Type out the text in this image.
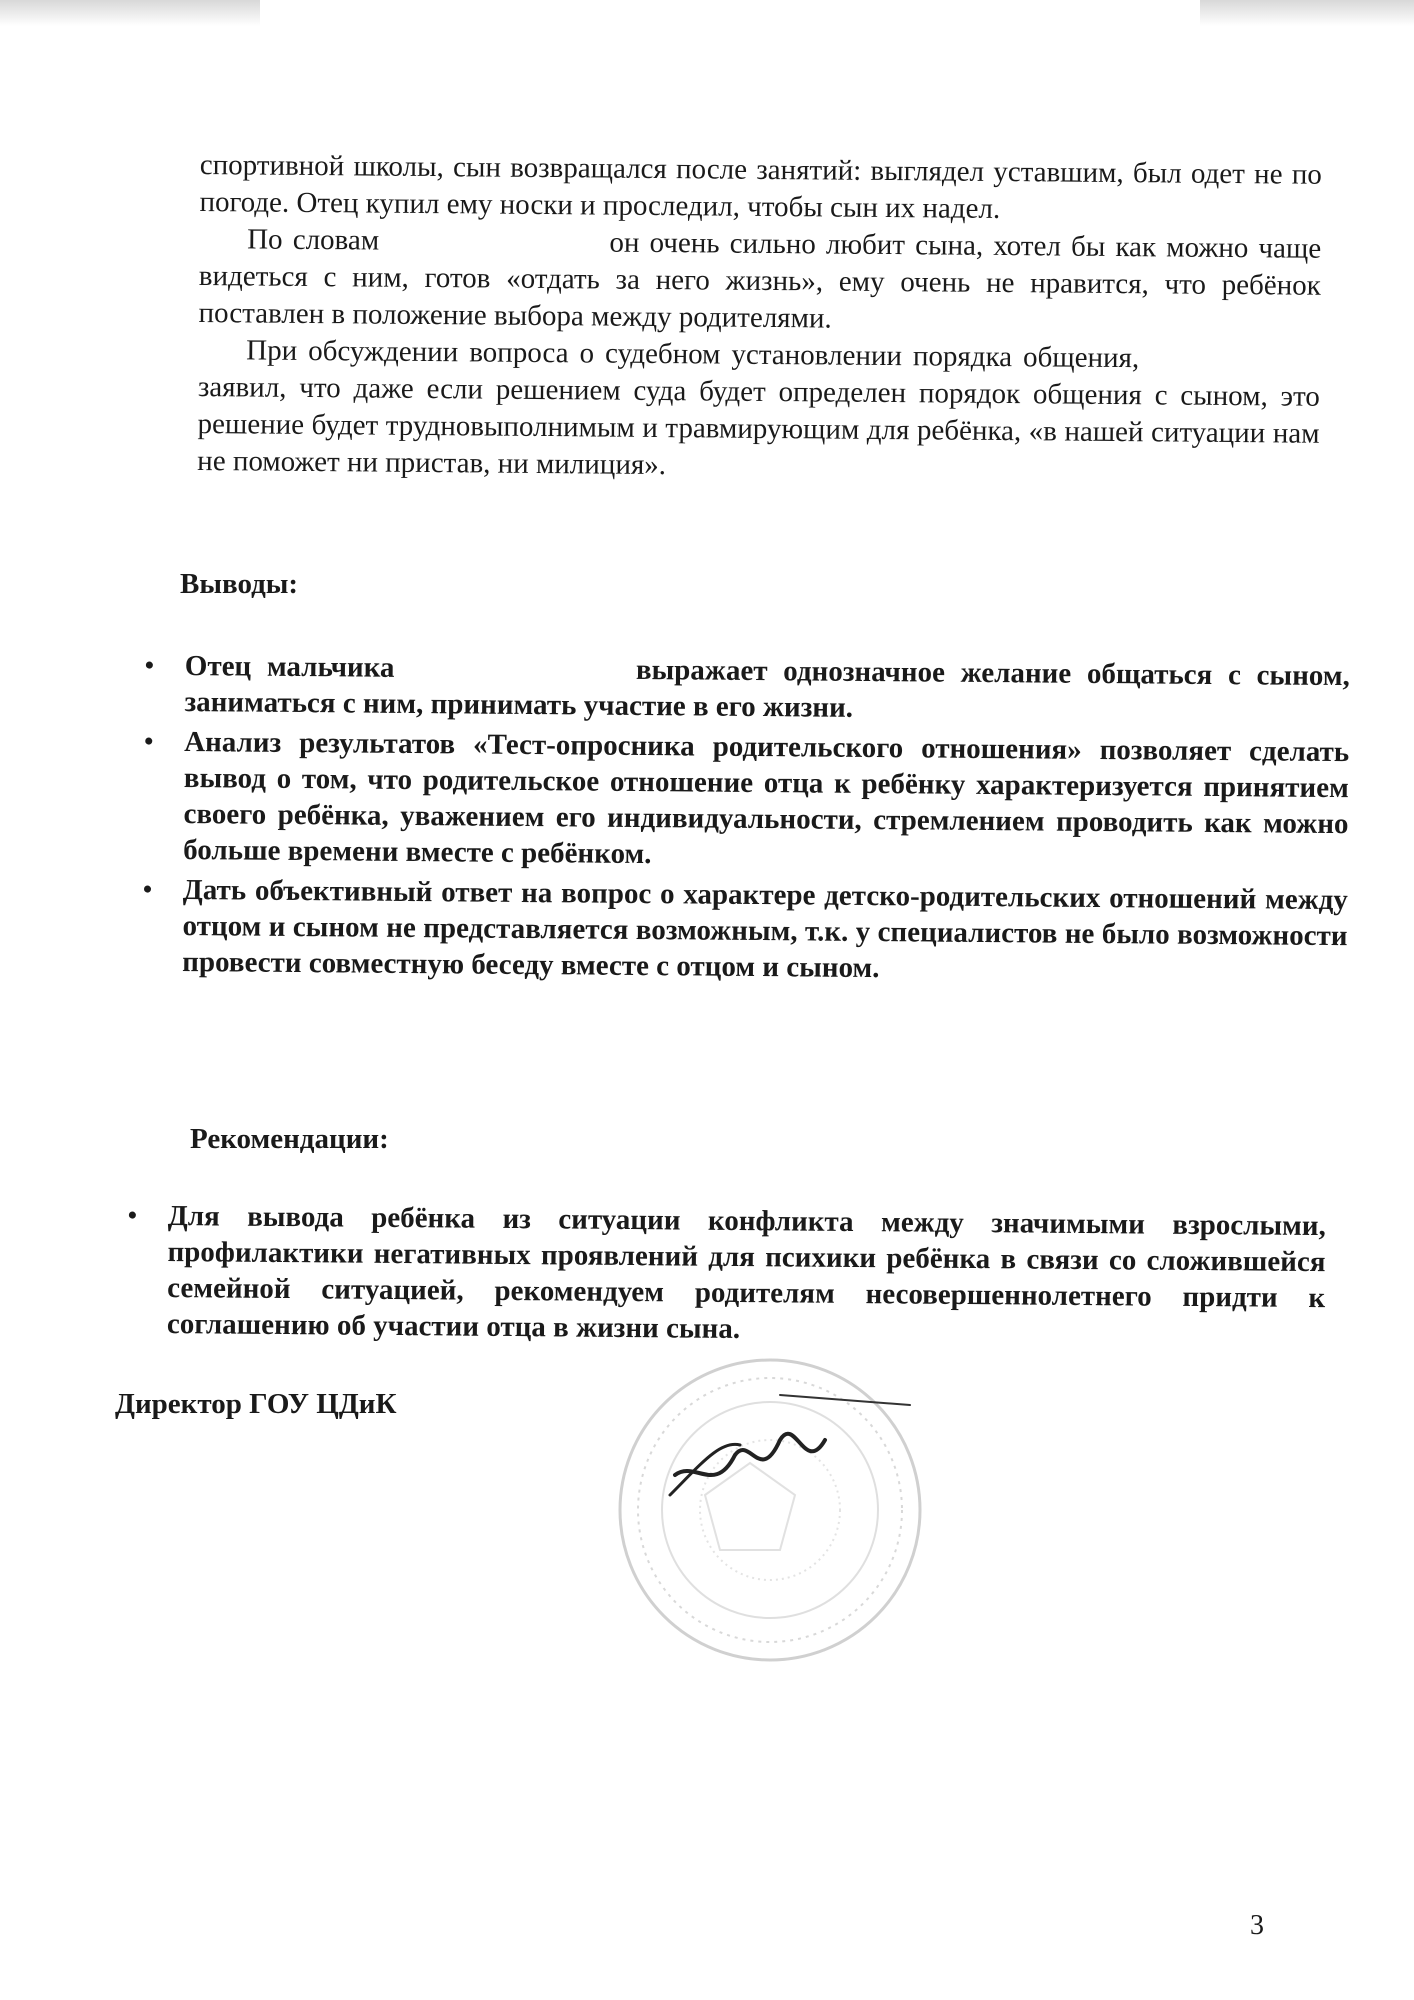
спортивной школы, сын возвращался после занятий: выглядел уставшим, был одет не по погоде. Отец купил ему носки и проследил, чтобы сын их надел.

По словам	он очень сильно любит сына, хотел бы как можно чаще видеться с ним, готов «отдать за него жизнь», ему очень не нравится, что ребёнок поставлен в положение выбора между родителями.

При обсуждении вопроса о судебном установлении порядка общения,  заявил, что даже если решением суда будет определен порядок общения с сыном, это решение будет трудновыполнимым и травмирующим для ребёнка, «в нашей ситуации нам не поможет ни пристав, ни милиция».

Выводы:
• Отец мальчика	выражает однозначное желание общаться с сыном, заниматься с ним, принимать участие в его жизни.
• Анализ результатов «Тест-опросника родительского отношения» позволяет сделать вывод о том, что родительское отношение отца к ребёнку характеризуется принятием своего ребёнка, уважением его индивидуальности, стремлением проводить как можно больше времени вместе с ребёнком.
• Дать объективный ответ на вопрос о характере детско-родительских отношений между отцом и сыном не представляется возможным, т.к. у специалистов не было возможности провести совместную беседу вместе с отцом и сыном.
Рекомендации:
• Для вывода ребёнка из ситуации конфликта между значимыми взрослыми, профилактики негативных проявлений для психики ребёнка в связи со сложившейся семейной ситуацией, рекомендуем родителям несовершеннолетнего придти к соглашению об участии отца в жизни сына.
Директор ГОУ ЦДиК
3
